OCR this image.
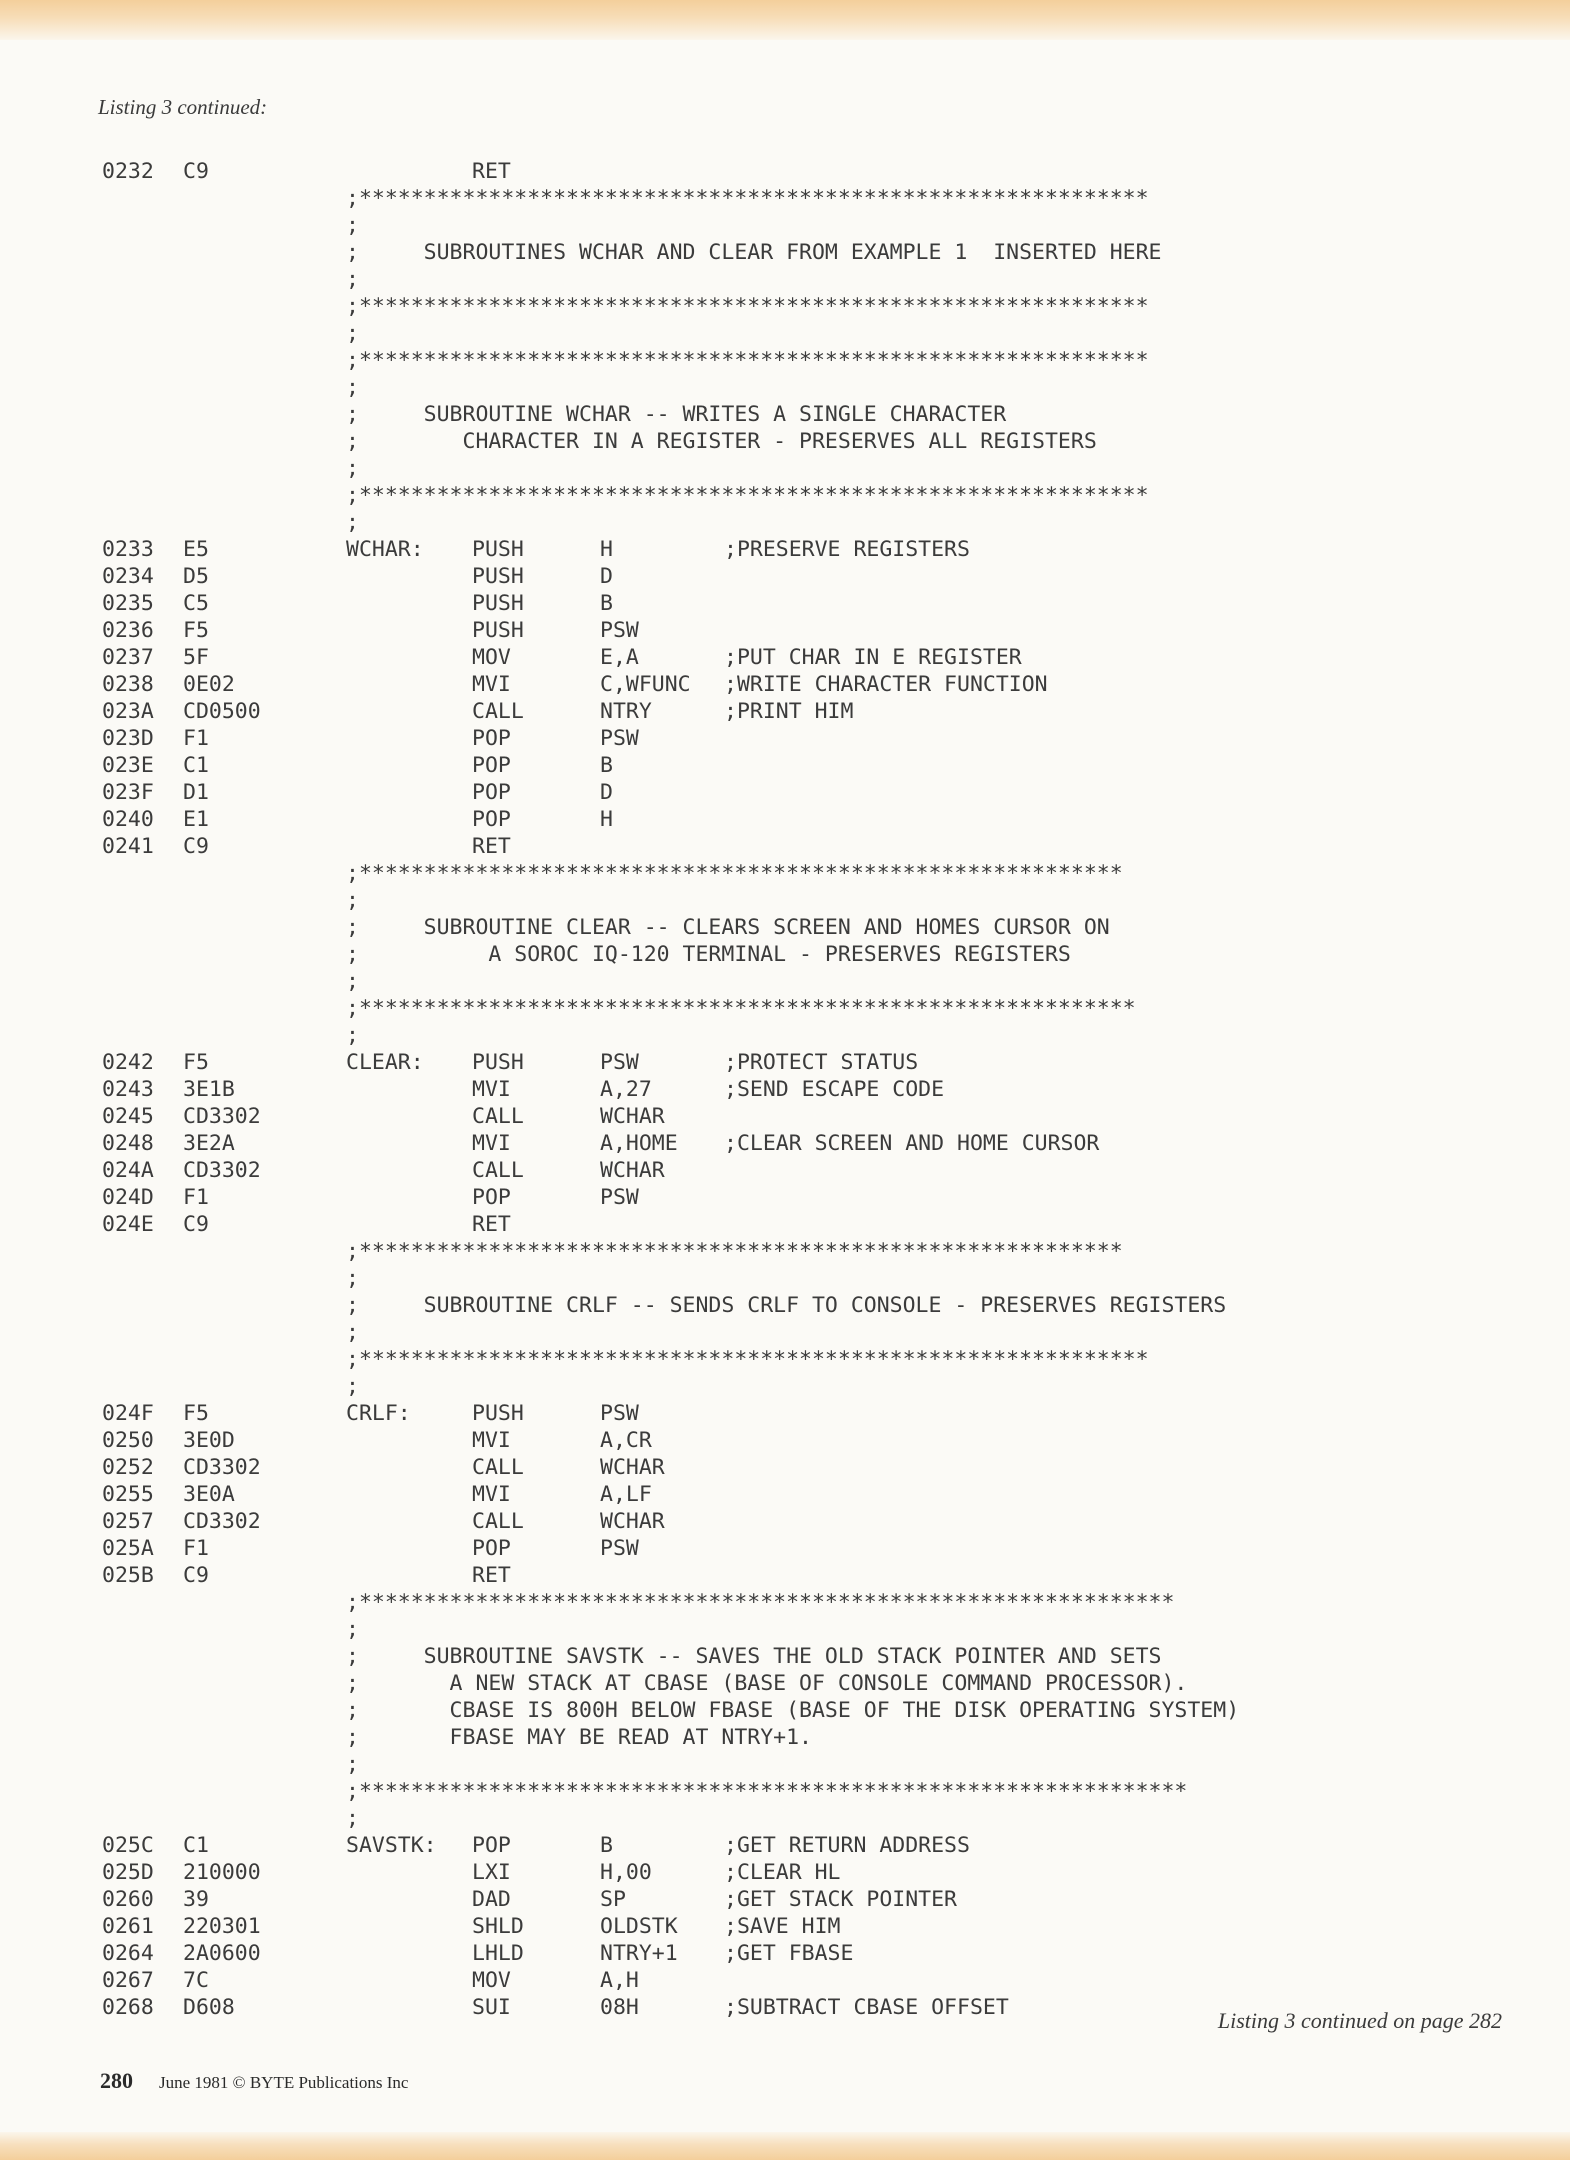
Listing 3 continued:
0232 C9	RET
;*************************************************************
;
;     SUBROUTINES WCHAR AND CLEAR FROM EXAMPLE 1  INSERTED HERE
;
;*************************************************************
;
;*************************************************************
;
;     SUBROUTINE WCHAR -- WRITES A SINGLE CHARACTER
;        CHARACTER IN A REGISTER - PRESERVES ALL REGISTERS
;
;*************************************************************
;
0233 E5	WCHAR: PUSH	H	;PRESERVE REGISTERS
0234 D5	PUSH	D
0235 C5	PUSH	B
0236 F5	PUSH	PSW
0237 5F	MOV	E,A	;PUT CHAR IN E REGISTER
0238 0E02	MVI	C,WFUNC ;WRITE CHARACTER FUNCTION
023A CD0500	CALL	NTRY	;PRINT HIM
023D F1	POP	PSW
023E C1	POP	B
023F D1	POP	D
0240 E1	POP	H
0241 C9	RET
;***********************************************************
;
;     SUBROUTINE CLEAR -- CLEARS SCREEN AND HOMES CURSOR ON
;          A SOROC IQ-120 TERMINAL - PRESERVES REGISTERS
;
;************************************************************
;
0242 F5	CLEAR: PUSH	PSW	;PROTECT STATUS
0243 3E1B	MVI	A,27	;SEND ESCAPE CODE
0245 CD3302	CALL	WCHAR
0248 3E2A	MVI	A,HOME ;CLEAR SCREEN AND HOME CURSOR
024A CD3302	CALL	WCHAR
024D F1	POP	PSW
024E C9	RET
;***********************************************************
;
;     SUBROUTINE CRLF -- SENDS CRLF TO CONSOLE - PRESERVES REGISTERS
;
;*************************************************************
;
024F F5	CRLF:	PUSH	PSW
0250 3E0D	MVI	A,CR
0252 CD3302	CALL	WCHAR
0255 3E0A	MVI	A,LF
0257 CD3302	CALL	WCHAR
025A F1	POP	PSW
025B C9	RET
;***************************************************************
;
;     SUBROUTINE SAVSTK -- SAVES THE OLD STACK POINTER AND SETS
;       A NEW STACK AT CBASE (BASE OF CONSOLE COMMAND PROCESSOR).
;       CBASE IS 800H BELOW FBASE (BASE OF THE DISK OPERATING SYSTEM)
;       FBASE MAY BE READ AT NTRY+1.
;
;****************************************************************
;
025C C1	SAVSTK: POP	B	;GET RETURN ADDRESS
025D 210000	LXI	H,00	;CLEAR HL
0260 39	DAD	SP	;GET STACK POINTER
0261 220301	SHLD	OLDSTK ;SAVE HIM
0264 2A0600	LHLD	NTRY+1 ;GET FBASE
0267 7C	MOV	A,H
0268 D608	SUI	08H	;SUBTRACT CBASE OFFSET
Listing 3 continued on page 282
280 June 1981 © BYTE Publications Inc
